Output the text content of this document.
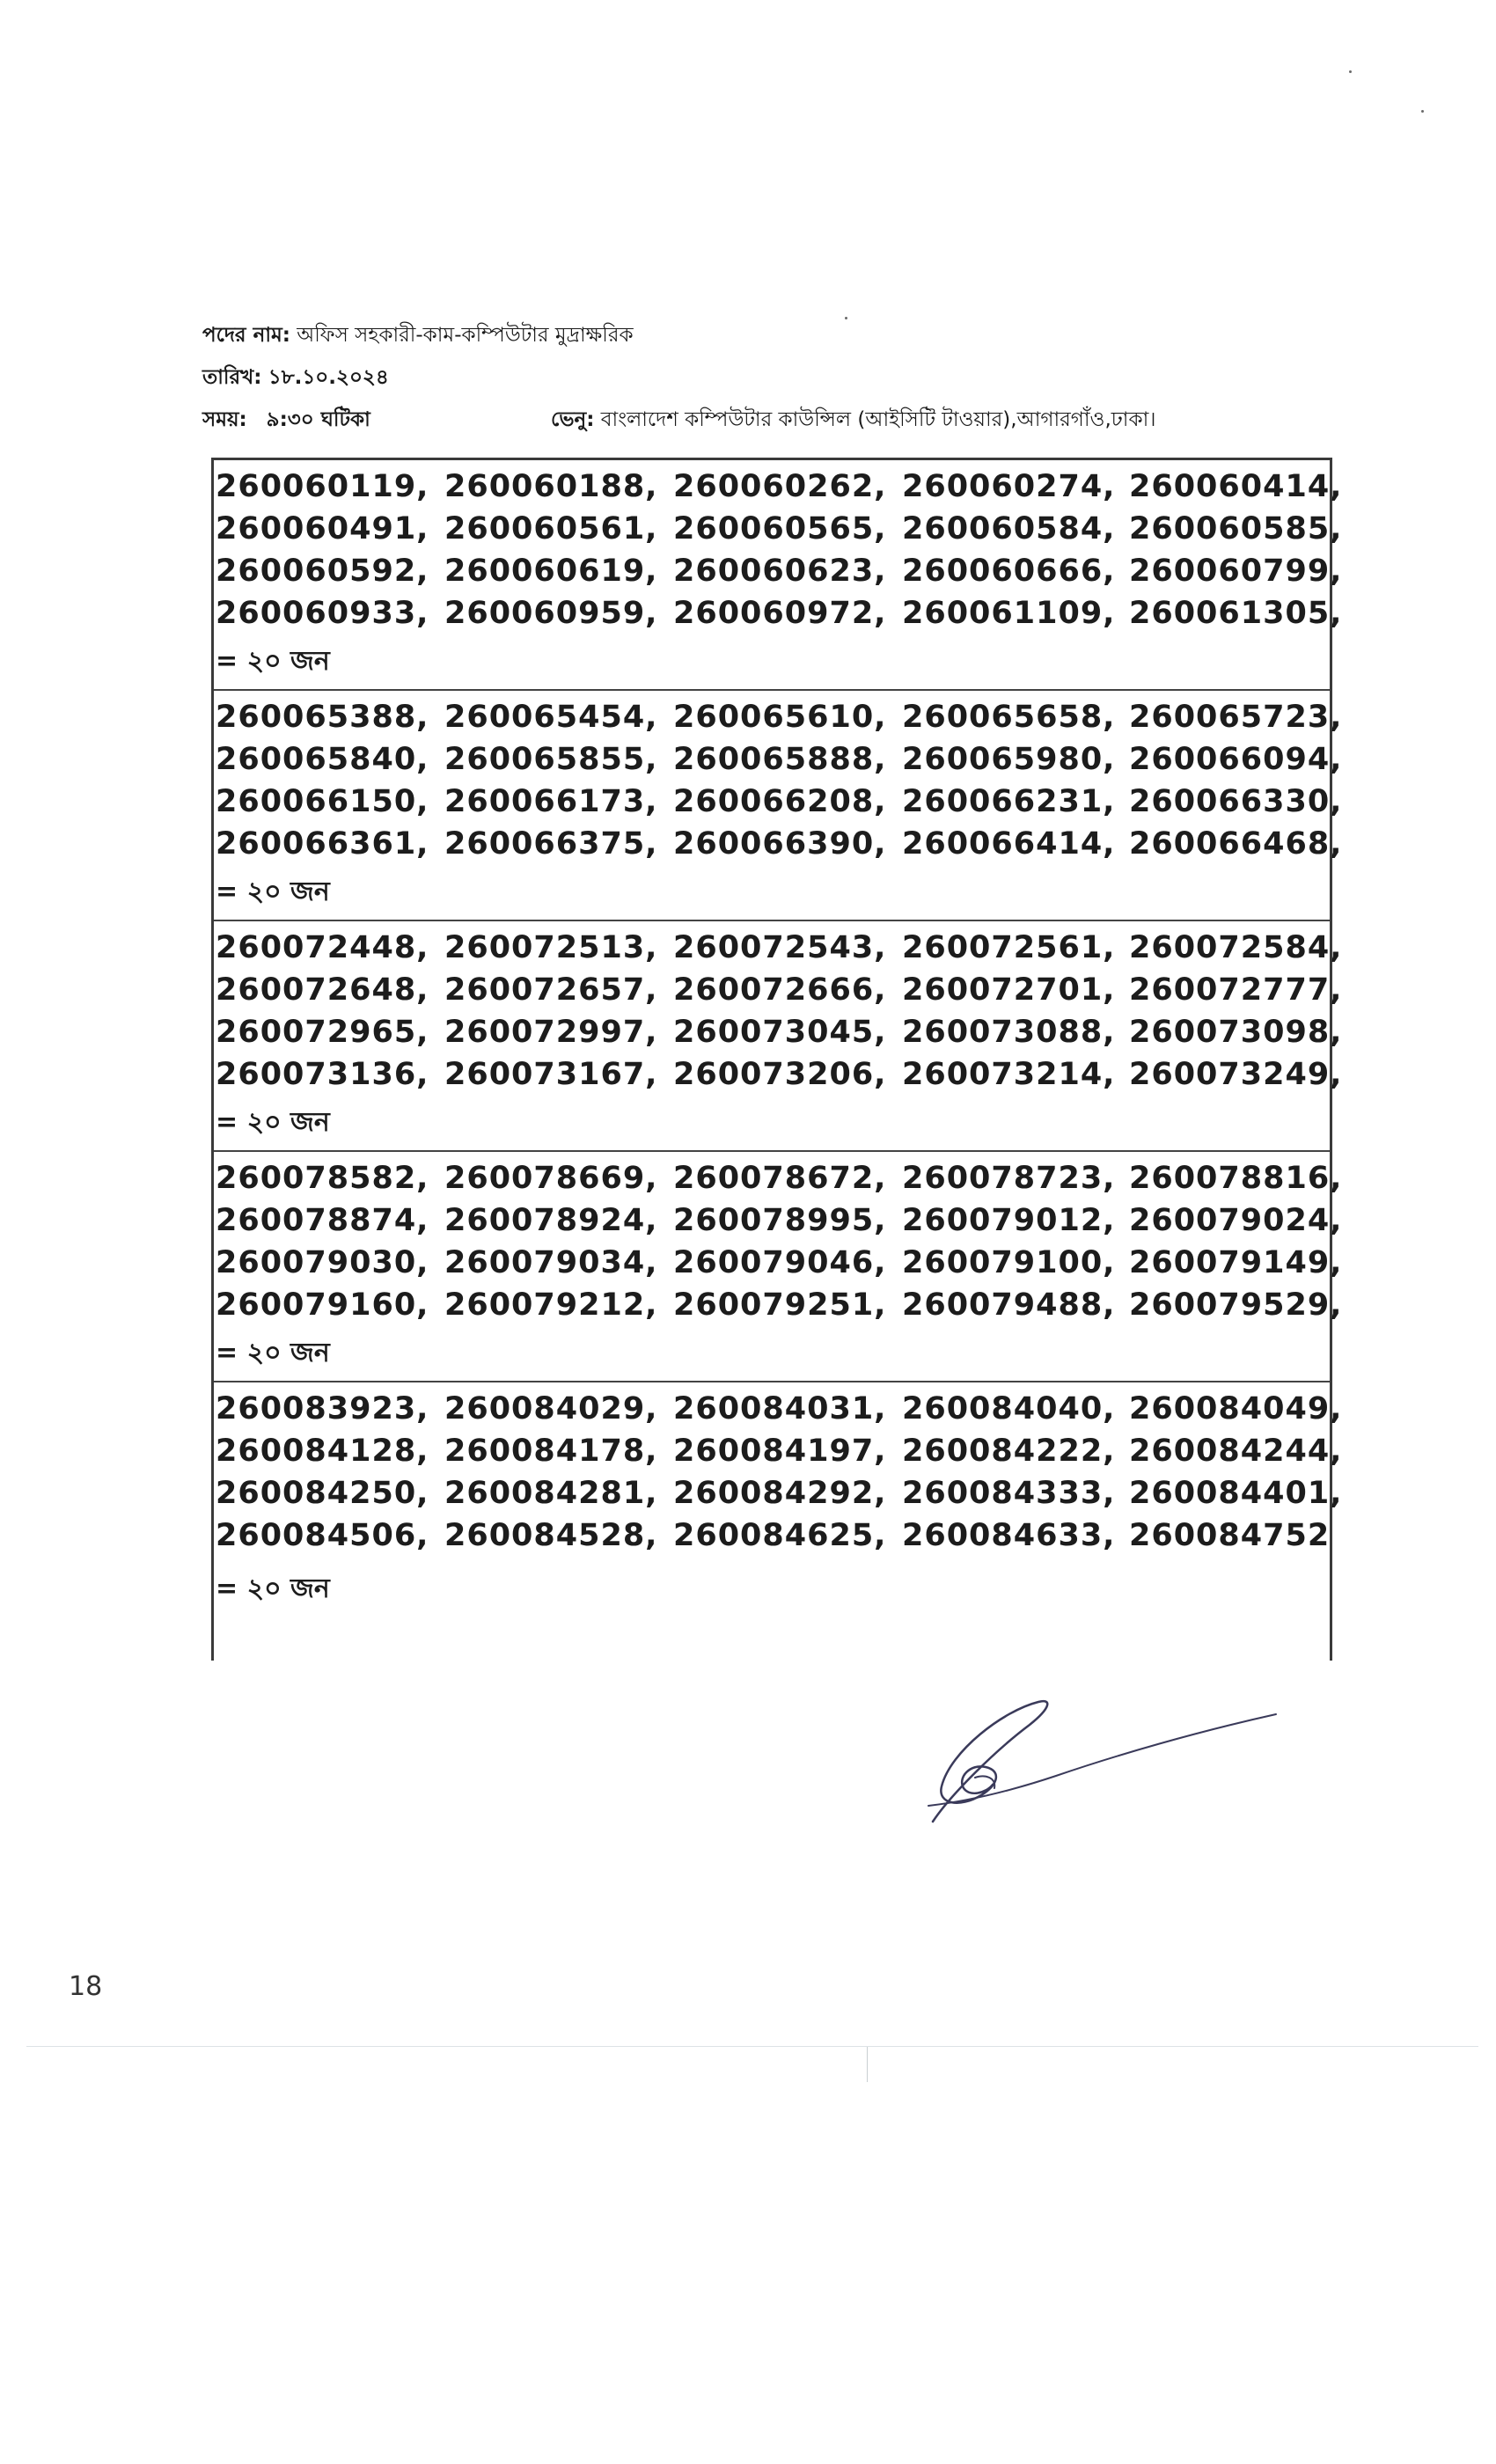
পদের নাম: অফিস সহকারী-কাম-কম্পিউটার মুদ্রাক্ষরিক
তারিখ: ১৮.১০.২০২৪
সময়: ৯:৩০ ঘটিকা	ভেনু: বাংলাদেশ কম্পিউটার কাউন্সিল (আইসিটি টাওয়ার),আগারগাঁও,ঢাকা।
260060119, 260060188, 260060262, 260060274, 260060414,
260060491, 260060561, 260060565, 260060584, 260060585,
260060592, 260060619, 260060623, 260060666, 260060799,
260060933, 260060959, 260060972, 260061109, 260061305,
= ২০ জন
260065388, 260065454, 260065610, 260065658, 260065723,
260065840, 260065855, 260065888, 260065980, 260066094,
260066150, 260066173, 260066208, 260066231, 260066330,
260066361, 260066375, 260066390, 260066414, 260066468,
= ২০ জন
260072448, 260072513, 260072543, 260072561, 260072584,
260072648, 260072657, 260072666, 260072701, 260072777,
260072965, 260072997, 260073045, 260073088, 260073098,
260073136, 260073167, 260073206, 260073214, 260073249,
= ২০ জন
260078582, 260078669, 260078672, 260078723, 260078816,
260078874, 260078924, 260078995, 260079012, 260079024,
260079030, 260079034, 260079046, 260079100, 260079149,
260079160, 260079212, 260079251, 260079488, 260079529,
= ২০ জন
260083923, 260084029, 260084031, 260084040, 260084049,
260084128, 260084178, 260084197, 260084222, 260084244,
260084250, 260084281, 260084292, 260084333, 260084401,
260084506, 260084528, 260084625, 260084633, 260084752
= ২০ জন
18
